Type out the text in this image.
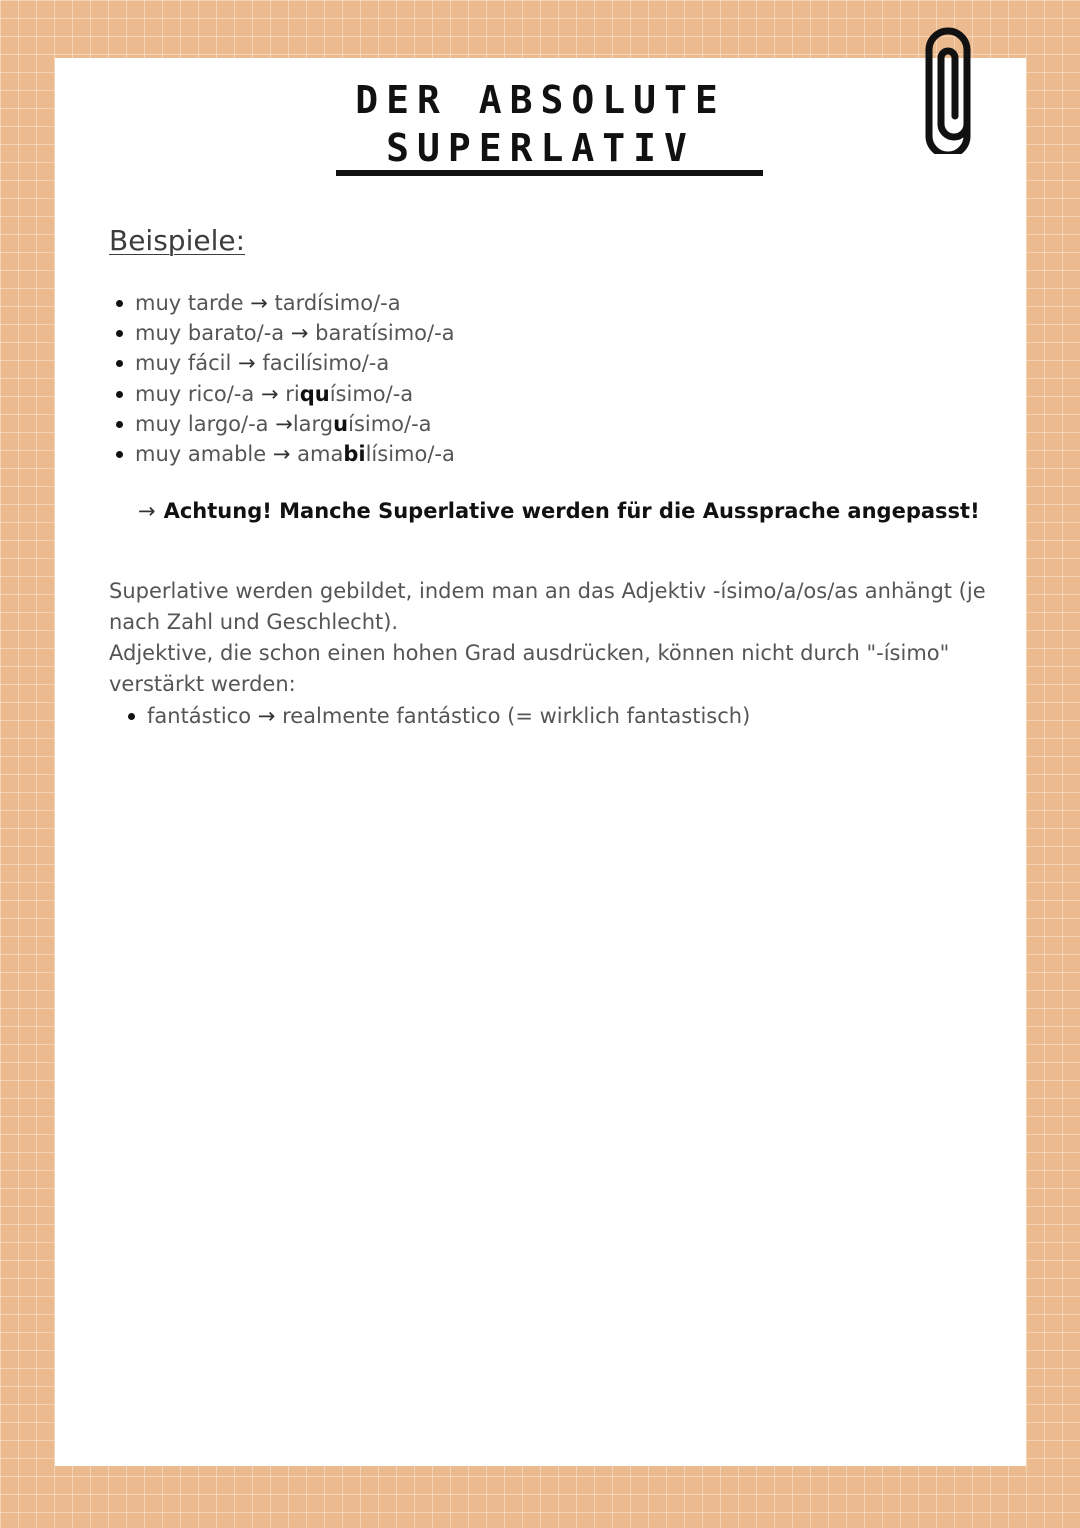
DER ABSOLUTE
SUPERLATIV
Beispiele:
muy tarde → tardísimo/-a
muy barato/-a → baratísimo/-a
muy fácil → facilísimo/-a
muy rico/-a → riquísimo/-a
muy largo/-a →larguísimo/-a
muy amable → amabilísimo/-a
→ Achtung! Manche Superlative werden für die Aussprache angepasst!

Superlative werden gebildet, indem man an das Adjektiv -ísimo/a/os/as anhängt (je nach Zahl und Geschlecht).

Adjektive, die schon einen hohen Grad ausdrücken, können nicht durch "-ísimo" verstärkt werden:

fantástico → realmente fantástico (= wirklich fantastisch)
